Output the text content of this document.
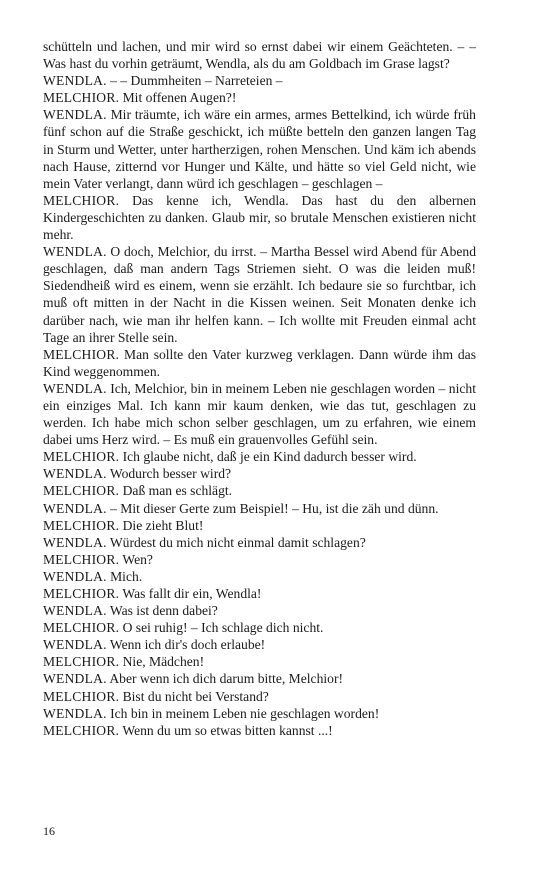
schütteln und lachen, und mir wird so ernst dabei wir einem Geächteten. – – Was hast du vorhin geträumt, Wendla, als du am Goldbach im Grase lagst?

WENDLA. – – Dummheiten – Narreteien –

MELCHIOR. Mit offenen Augen?!

WENDLA. Mir träumte, ich wäre ein armes, armes Bettelkind, ich würde früh fünf schon auf die Straße geschickt, ich müßte betteln den ganzen langen Tag in Sturm und Wetter, unter hartherzigen, rohen Menschen. Und käm ich abends nach Hause, zitternd vor Hunger und Kälte, und hätte so viel Geld nicht, wie mein Vater verlangt, dann würd ich geschlagen – geschlagen –

MELCHIOR. Das kenne ich, Wendla. Das hast du den albernen Kindergeschichten zu danken. Glaub mir, so brutale Menschen existieren nicht mehr.

WENDLA. O doch, Melchior, du irrst. – Martha Bessel wird Abend für Abend geschlagen, daß man andern Tags Striemen sieht. O was die leiden muß! Siedendheiß wird es einem, wenn sie erzählt. Ich bedaure sie so furchtbar, ich muß oft mitten in der Nacht in die Kissen weinen. Seit Monaten denke ich darüber nach, wie man ihr helfen kann. – Ich wollte mit Freuden einmal acht Tage an ihrer Stelle sein.

MELCHIOR. Man sollte den Vater kurzweg verklagen. Dann würde ihm das Kind weggenommen.

WENDLA. Ich, Melchior, bin in meinem Leben nie geschlagen worden – nicht ein einziges Mal. Ich kann mir kaum denken, wie das tut, geschlagen zu werden. Ich habe mich schon selber geschlagen, um zu erfahren, wie einem dabei ums Herz wird. – Es muß ein grauenvolles Gefühl sein.

MELCHIOR. Ich glaube nicht, daß je ein Kind dadurch besser wird.

WENDLA. Wodurch besser wird?

MELCHIOR. Daß man es schlägt.

WENDLA. – Mit dieser Gerte zum Beispiel! – Hu, ist die zäh und dünn.

MELCHIOR. Die zieht Blut!

WENDLA. Würdest du mich nicht einmal damit schlagen?

MELCHIOR. Wen?

WENDLA. Mich.

MELCHIOR. Was fallt dir ein, Wendla!

WENDLA. Was ist denn dabei?

MELCHIOR. O sei ruhig! – Ich schlage dich nicht.

WENDLA. Wenn ich dir's doch erlaube!

MELCHIOR. Nie, Mädchen!

WENDLA. Aber wenn ich dich darum bitte, Melchior!

MELCHIOR. Bist du nicht bei Verstand?

WENDLA. Ich bin in meinem Leben nie geschlagen worden!

MELCHIOR. Wenn du um so etwas bitten kannst ...!

16
